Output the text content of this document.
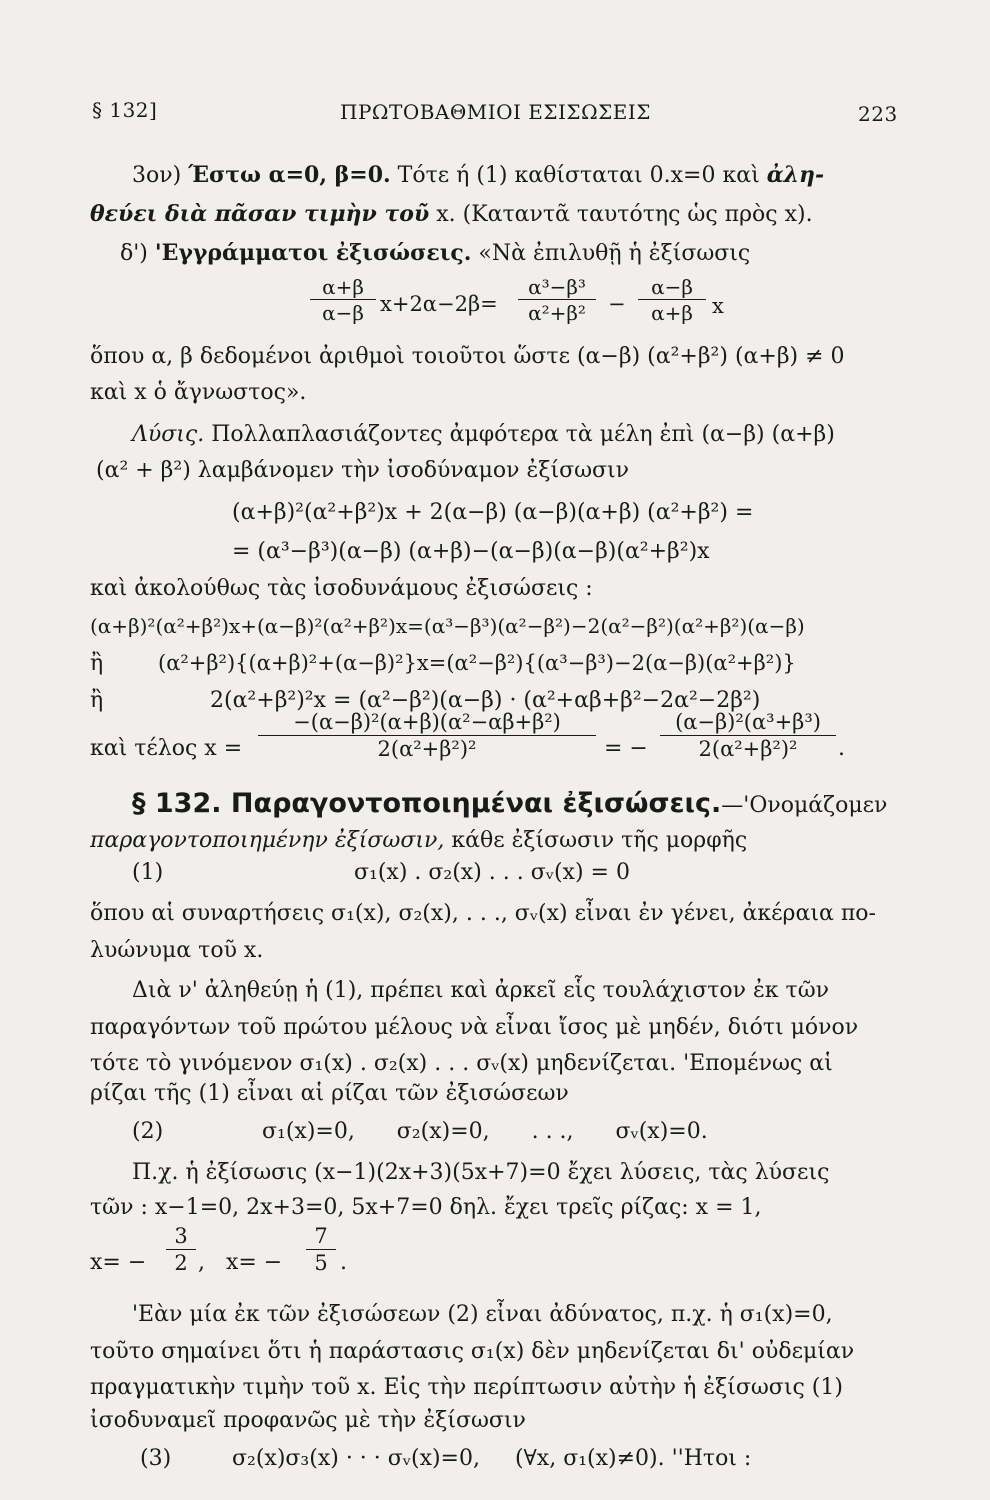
§ 132]	ΠΡΩΤΟΒΑΘΜΙΟΙ ΕΣΙΣΩΣΕΙΣ	223
3ον) Έστω α=0, β=0. Τότε ή (1) καθίσταται 0.x=0 καὶ ἀλη-
θεύει διὰ πᾶσαν τιμὴν τοῦ x. (Καταντᾶ ταυτότης ὡς πρὸς x).
δ') 'Εγγράμματοι ἐξισώσεις. «Νὰ ἐπιλυθῇ ἡ ἐξίσωσις
$\frac{\alpha+\beta}{\alpha-\beta} x+2\alpha-2\beta= \frac{\text{α³−β³}}{\text{α²+β²}} - \frac{\alpha-\beta}{\alpha+\beta}$ x
ὅπου α, β δεδομένοι ἀριθμοὶ τοιοῦτοι ὥστε (α−β) (α²+β²) (α+β) ≠ 0
καὶ x ὁ ἄγνωστος».
Λύσις. Πολλαπλασιάζοντες ἀμφότερα τὰ μέλη ἐπὶ (α−β) (α+β)
(α² + β²) λαμβάνομεν τὴν ἰσοδύναμον ἐξίσωσιν
(α+β)²(α²+β²)x + 2(α−β) (α−β)(α+β) (α²+β²) =
= (α³−β³)(α−β) (α+β)−(α−β)(α−β)(α²+β²)x
καὶ ἀκολούθως τὰς ἰσοδυνάμους ἐξισώσεις :
(α+β)²(α²+β²)x+(α−β)²(α²+β²)x=(α³−β³)(α²−β²)−2(α²−β²)(α²+β²)(α−β)
ἢ	(α²+β²){(α+β)²+(α−β)²}x=(α²−β²){(α³−β³)−2(α−β)(α²+β²)}
ἢ	2(α²+β²)²x = (α²−β²)(α−β) · (α²+αβ+β²−2α²−2β²)
καὶ τέλος $x = \frac{\text{−(α−β)²(α+β)(α²−αβ+β²)}}{\text{2(α²+β²)²}}$ = − $\frac{\text{(α−β)²(α³+β³)}}{\text{2(α²+β²)²}}$ .
§ 132. Παραγοντοποιημέναι ἐξισώσεις.—'Ονομάζομεν
παραγοντοποιημένην ἐξίσωσιν, κάθε ἐξίσωσιν τῆς μορφῆς
(1)	σ₁(x) . σ₂(x) . . . σᵥ(x) = 0
ὅπου αἱ συναρτήσεις σ₁(x), σ₂(x), . . ., σᵥ(x) εἶναι ἐν γένει, ἀκέραια πο-
λυώνυμα τοῦ x.
Διὰ ν' ἀληθεύῃ ἡ (1), πρέπει καὶ ἀρκεῖ εἷς τουλάχιστον ἐκ τῶν
παραγόντων τοῦ πρώτου μέλους νὰ εἶναι ἴσος μὲ μηδέν, διότι μόνον
τότε τὸ γινόμενον σ₁(x) . σ₂(x) . . . σᵥ(x) μηδενίζεται. 'Επομένως αἱ
ρίζαι τῆς (1) εἶναι αἱ ρίζαι τῶν ἐξισώσεων
(2)	σ₁(x)=0,      σ₂(x)=0,      . . .,      σᵥ(x)=0.
Π.χ. ἡ ἐξίσωσις (x−1)(2x+3)(5x+7)=0 ἔχει λύσεις, τὰς λύσεις
τῶν : x−1=0, 2x+3=0, 5x+7=0 δηλ. ἔχει τρεῖς ρίζας: x = 1,
$x= - \frac{3}{2}$ ,   $x= - \frac{7}{5}$ .
'Εὰν μία ἐκ τῶν ἐξισώσεων (2) εἶναι ἀδύνατος, π.χ. ἡ σ₁(x)=0,
τοῦτο σημαίνει ὅτι ἡ παράστασις σ₁(x) δὲν μηδενίζεται δι' οὐδεμίαν
πραγματικὴν τιμὴν τοῦ x. Εἰς τὴν περίπτωσιν αὐτὴν ἡ ἐξίσωσις (1)
ἰσοδυναμεῖ προφανῶς μὲ τὴν ἐξίσωσιν
(3)	σ₂(x)σ₃(x) · · · σᵥ(x)=0,     (∀x, σ₁(x)≠0). ''Ητοι :
